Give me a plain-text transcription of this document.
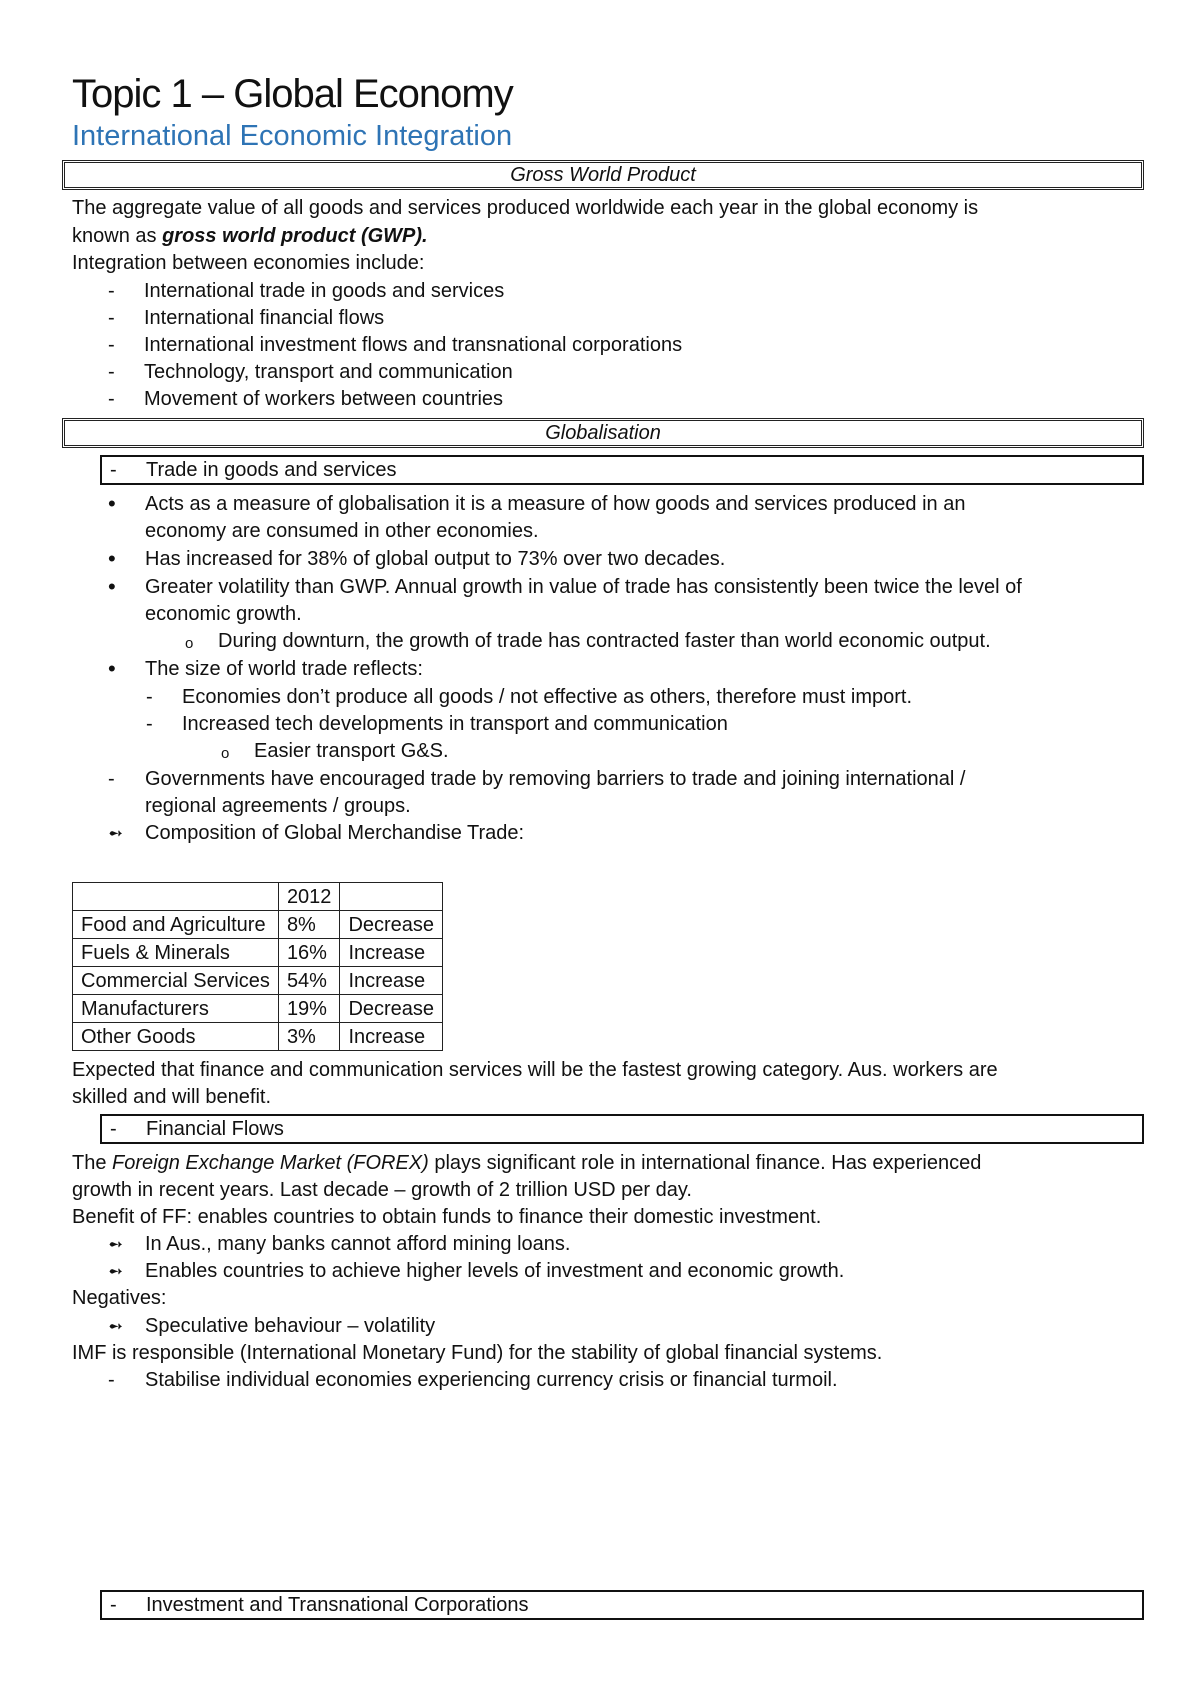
Topic 1 – Global Economy
International Economic Integration
Gross World Product
The aggregate value of all goods and services produced worldwide each year in the global economy is
known as gross world product (GWP).
Integration between economies include:
- International trade in goods and services
- International financial flows
- International investment flows and transnational corporations
- Technology, transport and communication
- Movement of workers between countries
Globalisation
- Trade in goods and services
• Acts as a measure of globalisation it is a measure of how goods and services produced in an
economy are consumed in other economies.
• Has increased for 38% of global output to 73% over two decades.
• Greater volatility than GWP. Annual growth in value of trade has consistently been twice the level of
economic growth.
o During downturn, the growth of trade has contracted faster than world economic output.
• The size of world trade reflects:
- Economies don’t produce all goods / not effective as others, therefore must import.
- Increased tech developments in transport and communication
o Easier transport G&S.
- Governments have encouraged trade by removing barriers to trade and joining international /
regional agreements / groups.
➻ Composition of Global Merchandise Trade:
	2012	
Food and Agriculture	8%	Decrease
Fuels & Minerals	16%	Increase
Commercial Services	54%	Increase
Manufacturers	19%	Decrease
Other Goods	3%	Increase
Expected that finance and communication services will be the fastest growing category. Aus. workers are
skilled and will benefit.
- Financial Flows
The Foreign Exchange Market (FOREX) plays significant role in international finance. Has experienced
growth in recent years. Last decade – growth of 2 trillion USD per day.
Benefit of FF: enables countries to obtain funds to finance their domestic investment.
➻ In Aus., many banks cannot afford mining loans.
➻ Enables countries to achieve higher levels of investment and economic growth.
Negatives:
➻ Speculative behaviour – volatility
IMF is responsible (International Monetary Fund) for the stability of global financial systems.
- Stabilise individual economies experiencing currency crisis or financial turmoil.
- Investment and Transnational Corporations
